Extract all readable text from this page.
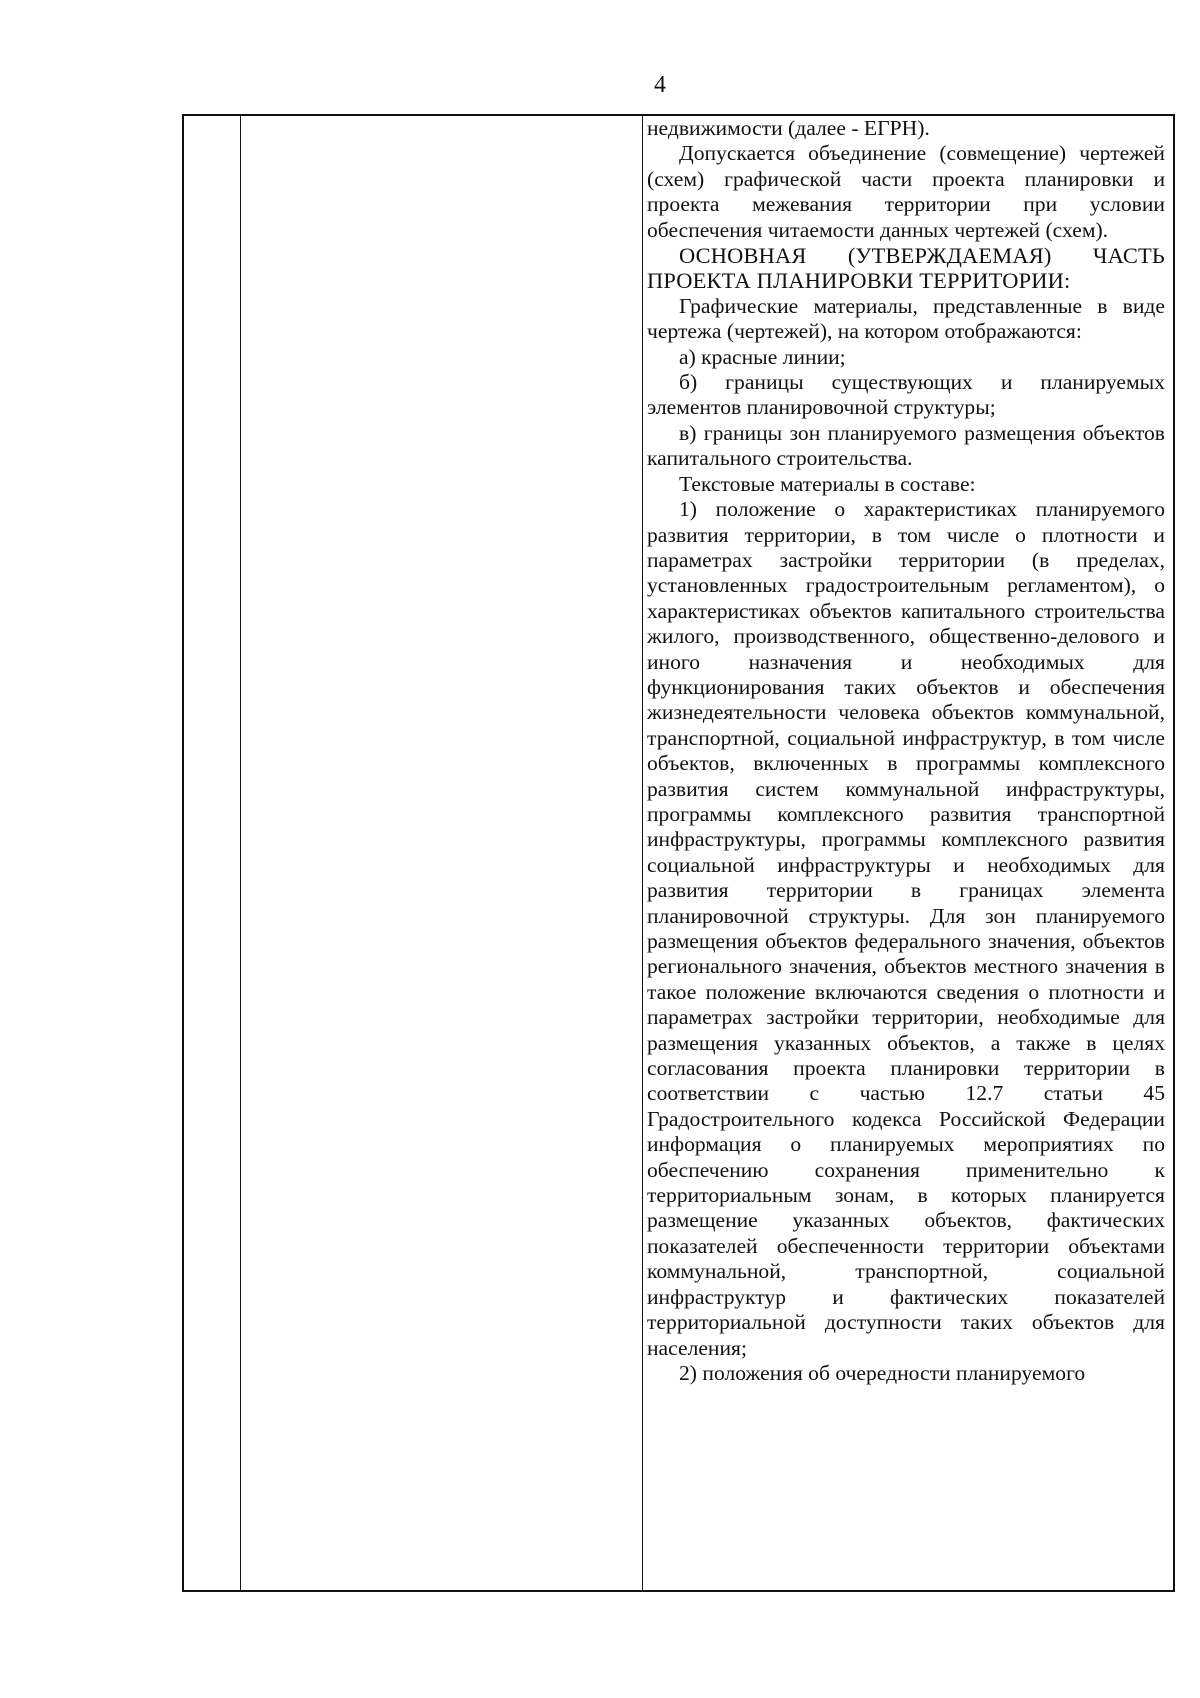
4

недвижимости (далее - ЕГРН).

Допускается объединение (совмещение) чертежей (схем) графической части проекта планировки и проекта межевания территории при условии обеспечения читаемости данных чертежей (схем).

ОСНОВНАЯ (УТВЕРЖДАЕМАЯ) ЧАСТЬ ПРОЕКТА ПЛАНИРОВКИ ТЕРРИТОРИИ:

Графические материалы, представленные в виде чертежа (чертежей), на котором отображаются:

а) красные линии;

б) границы существующих и планируемых элементов планировочной структуры;

в) границы зон планируемого размещения объектов капитального строительства.

Текстовые материалы в составе:

1) положение о характеристиках планируемого развития территории, в том числе о плотности и параметрах застройки территории (в пределах, установленных градостроительным регламентом), о характеристиках объектов капитального строительства жилого, производственного, общественно-делового и иного назначения и необходимых для функционирования таких объектов и обеспечения жизнедеятельности человека объектов коммунальной, транспортной, социальной инфраструктур, в том числе объектов, включенных в программы комплексного развития систем коммунальной инфраструктуры, программы комплексного развития транспортной инфраструктуры, программы комплексного развития социальной инфраструктуры и необходимых для развития территории в границах элемента планировочной структуры. Для зон планируемого размещения объектов федерального значения, объектов регионального значения, объектов местного значения в такое положение включаются сведения о плотности и параметрах застройки территории, необходимые для размещения указанных объектов, а также в целях согласования проекта планировки территории в соответствии с частью 12.7 статьи 45 Градостроительного кодекса Российской Федерации информация о планируемых мероприятиях по обеспечению сохранения применительно к территориальным зонам, в которых планируется размещение указанных объектов, фактических показателей обеспеченности территории объектами коммунальной, транспортной, социальной инфраструктур и фактических показателей территориальной доступности таких объектов для населения;

2) положения об очередности планируемого
